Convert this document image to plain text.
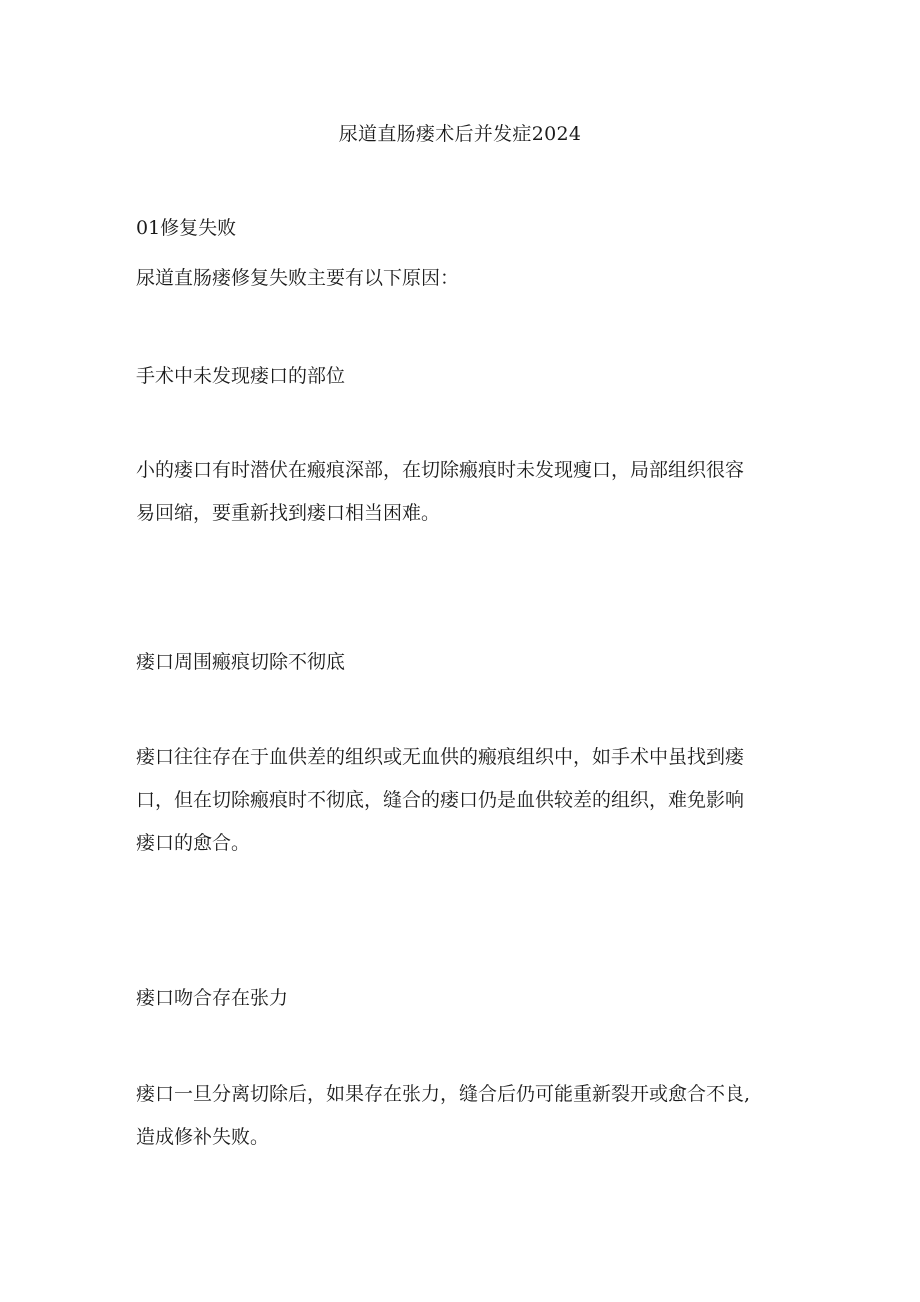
尿道直肠瘘术后并发症2024
01修复失败
尿道直肠瘘修复失败主要有以下原因：
手术中未发现瘘口的部位
小的瘘口有时潜伏在瘢痕深部，在切除瘢痕时未发现瘦口，局部组织很容
易回缩，要重新找到瘘口相当困难。
瘘口周围瘢痕切除不彻底
瘘口往往存在于血供差的组织或无血供的瘢痕组织中，如手术中虽找到瘘
口，但在切除瘢痕时不彻底，缝合的瘘口仍是血供较差的组织，难免影响
瘘口的愈合。
瘘口吻合存在张力
瘘口一旦分离切除后，如果存在张力，缝合后仍可能重新裂开或愈合不良,
造成修补失败。
